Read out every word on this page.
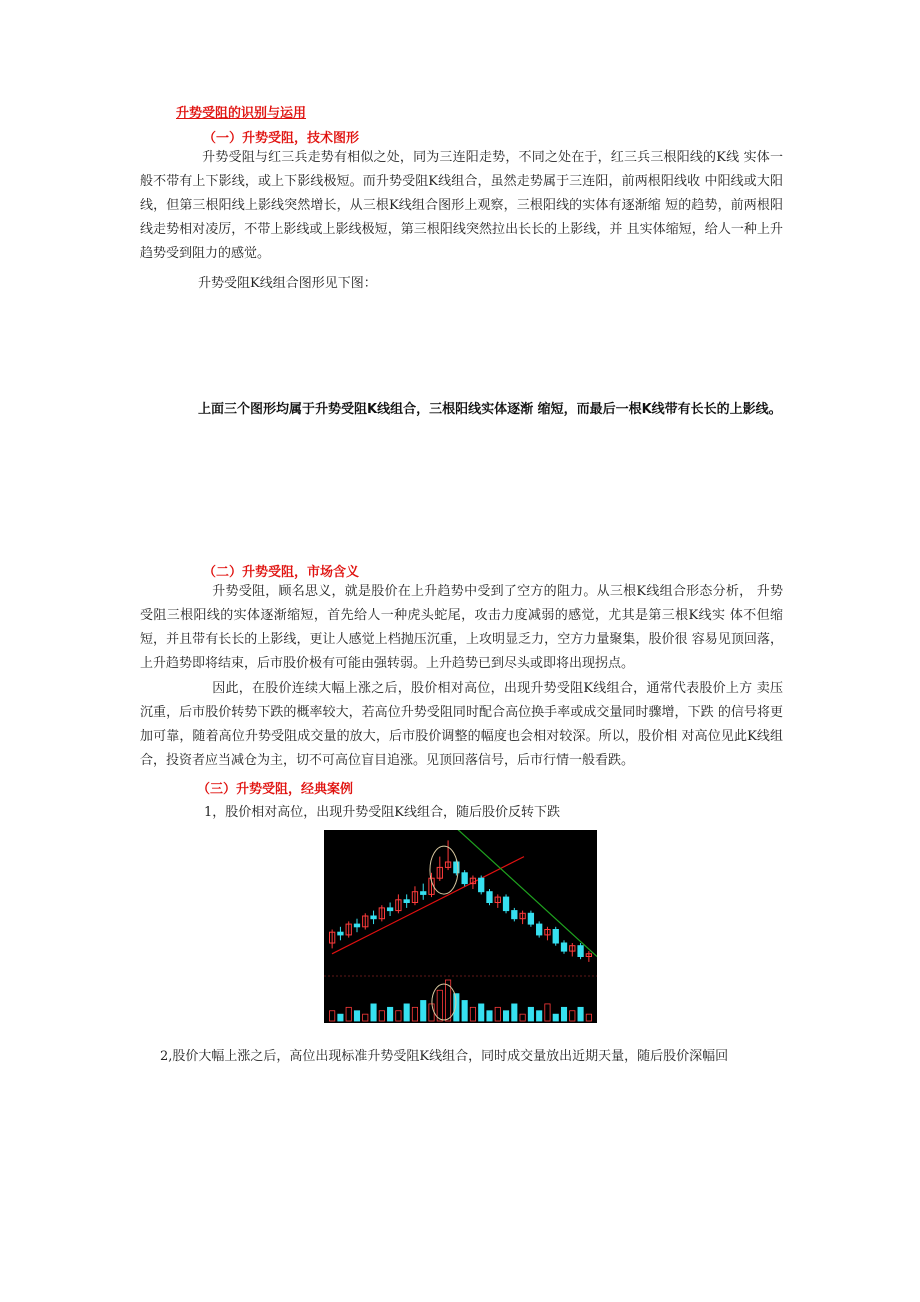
升势受阻的识别与运用
（一）升势受阻，技术图形
升势受阻与红三兵走势有相似之处，同为三连阳走势，不同之处在于，红三兵三根阳线的K线 实体一般不带有上下影线，或上下影线极短。而升势受阻K线组合，虽然走势属于三连阳，前两根阳线收 中阳线或大阳线，但第三根阳线上影线突然增长，从三根K线组合图形上观察，三根阳线的实体有逐渐缩 短的趋势，前两根阳线走势相对凌厉，不带上影线或上影线极短，第三根阳线突然拉出长长的上影线，并 且实体缩短，给人一种上升趋势受到阻力的感觉。
升势受阻K线组合图形见下图：
上面三个图形均属于升势受阻K线组合，三根阳线实体逐渐 缩短，而最后一根K线带有长长的上影线。
（二）升势受阻，市场含义
升势受阻，顾名思义，就是股价在上升趋势中受到了空方的阻力。从三根K线组合形态分析， 升势受阻三根阳线的实体逐渐缩短，首先给人一种虎头蛇尾，攻击力度减弱的感觉，尤其是第三根K线实 体不但缩短，并且带有长长的上影线，更让人感觉上档抛压沉重，上攻明显乏力，空方力量聚集，股价很 容易见顶回落，上升趋势即将结束，后市股价极有可能由强转弱。上升趋势已到尽头或即将出现拐点。
因此，在股价连续大幅上涨之后，股价相对高位，出现升势受阻K线组合，通常代表股价上方 卖压沉重，后市股价转势下跌的概率较大，若高位升势受阻同时配合高位换手率或成交量同时骤增，下跌 的信号将更加可靠，随着高位升势受阻成交量的放大，后市股价调整的幅度也会相对较深。所以，股价相 对高位见此K线组合，投资者应当减仓为主，切不可高位盲目追涨。见顶回落信号，后市行情一般看跌。
（三）升势受阻，经典案例
1，股价相对高位，出现升势受阻K线组合，随后股价反转下跌
2,股价大幅上涨之后，高位出现标准升势受阻K线组合，同时成交量放出近期天量，随后股价深幅回
